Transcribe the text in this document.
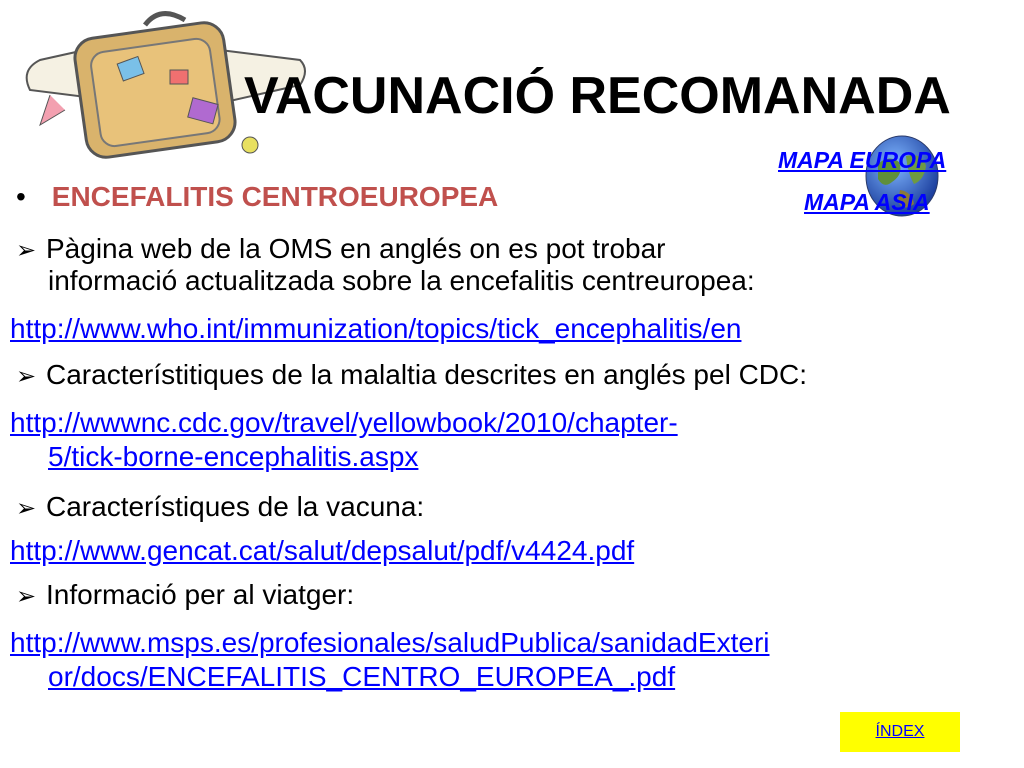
VACUNACIÓ RECOMANADA
MAPA EUROPA
MAPA ASIA
• ENCEFALITIS CENTROEUROPEA
➢ Pàgina web de la OMS en anglés on es pot trobar
informació actualitzada sobre la encefalitis centreuropea:
http://www.who.int/immunization/topics/tick_encephalitis/en
➢ Característitiques de la malaltia descrites en anglés pel CDC:
http://wwwnc.cdc.gov/travel/yellowbook/2010/chapter-
5/tick-borne-encephalitis.aspx
➢ Característiques de la vacuna:
http://www.gencat.cat/salut/depsalut/pdf/v4424.pdf
➢ Informació per al viatger:
http://www.msps.es/profesionales/saludPublica/sanidadExteri
or/docs/ENCEFALITIS_CENTRO_EUROPEA_.pdf
ÍNDEX
